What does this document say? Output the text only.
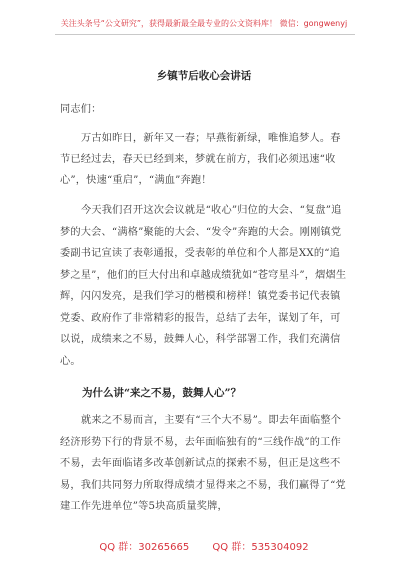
关注头条号“公文研究”，获得最新最全最专业的公文资料库！ 微信：gongwenyj
乡镇节后收心会讲话
同志们：
万古如昨日，新年又一春；早燕衔新绿，唯惟追梦人。春节已经过去，春天已经到来，梦就在前方，我们必须迅速“收心”，快速“重启”，“满血”奔跑！
今天我们召开这次会议就是“收心”归位的大会、“复盘”追梦的大会、“满格”聚能的大会、“发令”奔跑的大会。刚刚镇党委副书记宣读了表彰通报，受表彰的单位和个人都是XX的“追梦之星”，他们的巨大付出和卓越成绩犹如“苍穹星斗”，熠熠生辉，闪闪发亮，是我们学习的楷模和榜样！镇党委书记代表镇党委、政府作了非常精彩的报告，总结了去年，谋划了年，可以说，成绩来之不易，鼓舞人心，科学部署工作，我们充满信心。
为什么讲“来之不易，鼓舞人心”？
就来之不易而言，主要有“三个大不易”。即去年面临整个经济形势下行的背景不易，去年面临独有的“三线作战”的工作不易，去年面临诸多改革创新试点的探索不易，但正是这些不易，我们共同努力所取得成绩才显得来之不易，我们赢得了“党建工作先进单位”等5块高质量奖牌，
QQ 群：30265665 QQ 群：535304092
